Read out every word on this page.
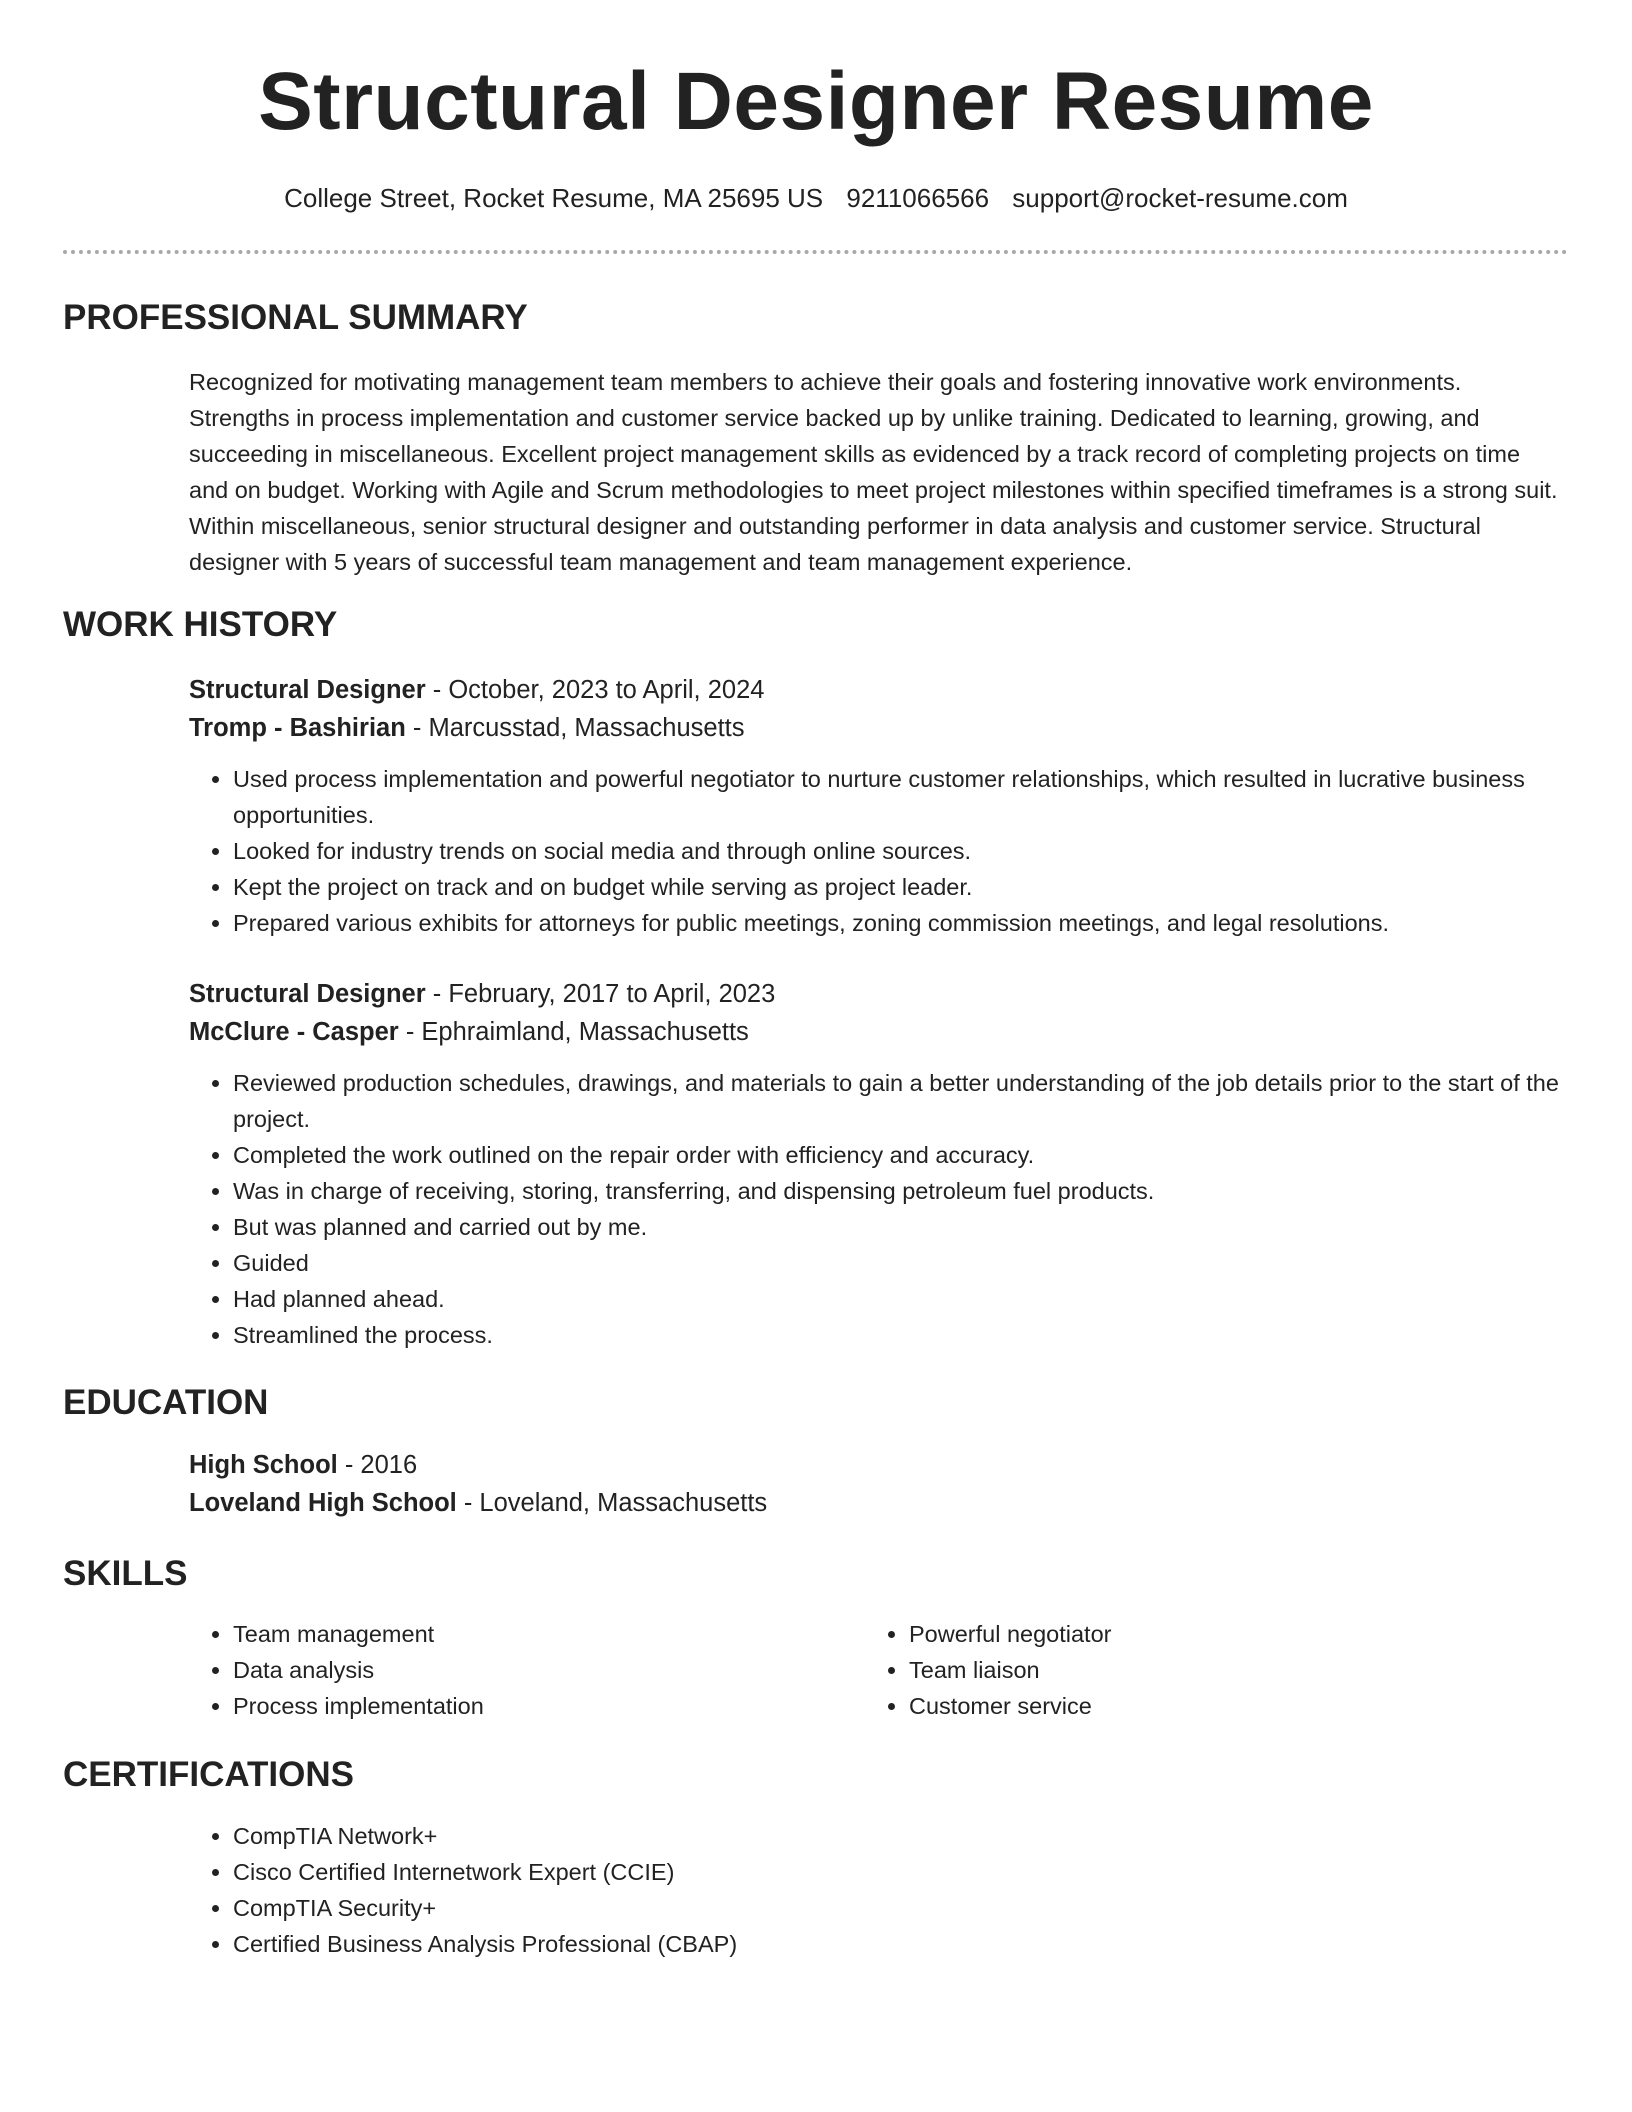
Structural Designer Resume
College Street, Rocket Resume, MA 25695 US 9211066566 support@rocket-resume.com
PROFESSIONAL SUMMARY

Recognized for motivating management team members to achieve their goals and fostering innovative work environments. Strengths in process implementation and customer service backed up by unlike training. Dedicated to learning, growing, and succeeding in miscellaneous. Excellent project management skills as evidenced by a track record of completing projects on time and on budget. Working with Agile and Scrum methodologies to meet project milestones within specified timeframes is a strong suit. Within miscellaneous, senior structural designer and outstanding performer in data analysis and customer service. Structural designer with 5 years of successful team management and team management experience.

WORK HISTORY

Structural Designer - October, 2023 to April, 2024

Tromp - Bashirian - Marcusstad, Massachusetts

• Used process implementation and powerful negotiator to nurture customer relationships, which resulted in lucrative business opportunities.
• Looked for industry trends on social media and through online sources.
• Kept the project on track and on budget while serving as project leader.
• Prepared various exhibits for attorneys for public meetings, zoning commission meetings, and legal resolutions.

Structural Designer - February, 2017 to April, 2023

McClure - Casper - Ephraimland, Massachusetts

• Reviewed production schedules, drawings, and materials to gain a better understanding of the job details prior to the start of the project.
• Completed the work outlined on the repair order with efficiency and accuracy.
• Was in charge of receiving, storing, transferring, and dispensing petroleum fuel products.
• But was planned and carried out by me.
• Guided
• Had planned ahead.
• Streamlined the process.
EDUCATION

High School - 2016

Loveland High School - Loveland, Massachusetts

SKILLS
• Team management
• Data analysis
• Process implementation
• Powerful negotiator
• Team liaison
• Customer service
CERTIFICATIONS
• CompTIA Network+
• Cisco Certified Internetwork Expert (CCIE)
• CompTIA Security+
• Certified Business Analysis Professional (CBAP)
